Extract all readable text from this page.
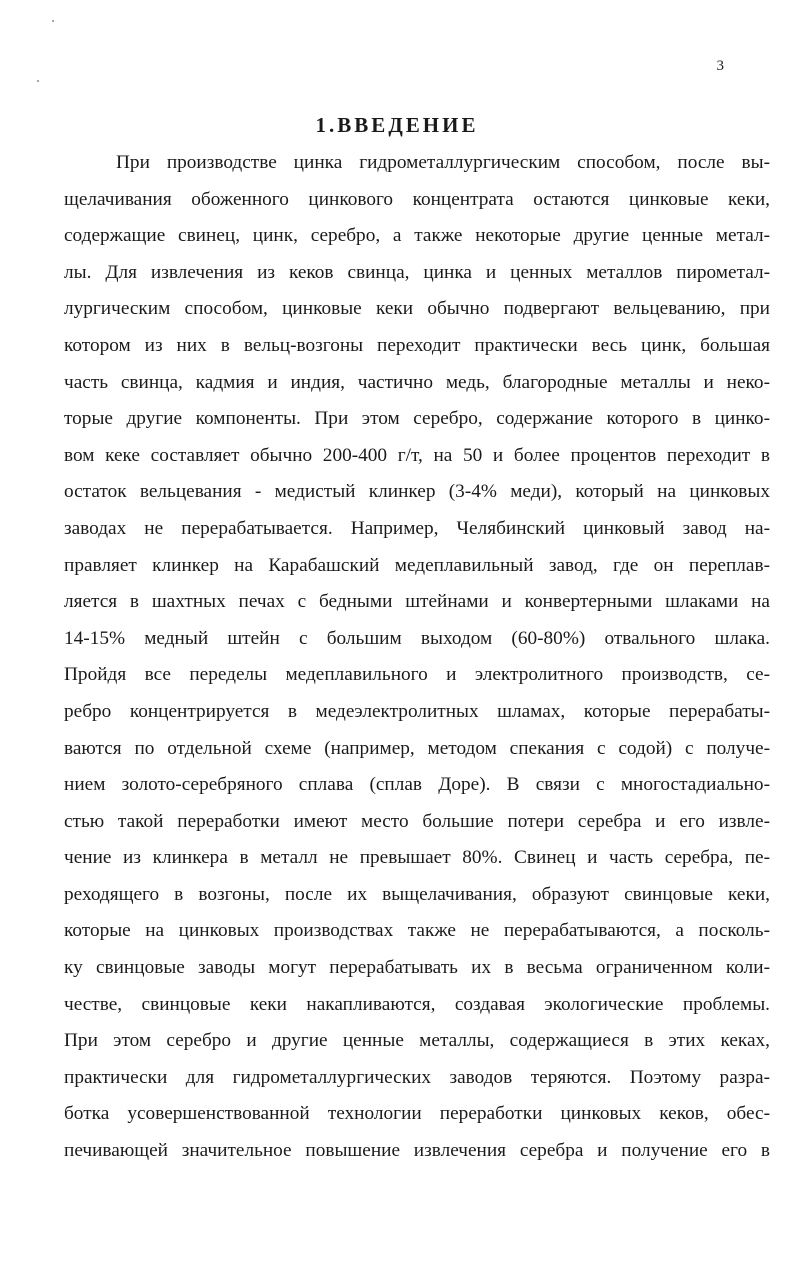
3
1.ВВЕДЕНИЕ
При производстве цинка гидрометаллургическим способом, после вы-
щелачивания обоженного цинкового концентрата остаются цинковые кеки,
содержащие свинец, цинк, серебро, а также некоторые другие ценные метал-
лы. Для извлечения из кеков свинца, цинка и ценных металлов пирометал-
лургическим способом, цинковые кеки обычно подвергают вельцеванию, при
котором из них в вельц-возгоны переходит практически весь цинк, большая
часть свинца, кадмия и индия, частично медь, благородные металлы и неко-
торые другие компоненты. При этом серебро, содержание которого в цинко-
вом кеке составляет обычно 200-400 г/т, на 50 и более процентов переходит в
остаток вельцевания - медистый клинкер (3-4% меди), который на цинковых
заводах не перерабатывается. Например, Челябинский цинковый завод на-
правляет клинкер на Карабашский медеплавильный завод, где он переплав-
ляется в шахтных печах с бедными штейнами и конвертерными шлаками на
14-15% медный штейн с большим выходом (60-80%) отвального шлака.
Пройдя все переделы медеплавильного и электролитного производств, се-
ребро концентрируется в медеэлектролитных шламах, которые перерабаты-
ваются по отдельной схеме (например, методом спекания с содой) с получе-
нием золото-серебряного сплава (сплав Доре). В связи с многостадиально-
стью такой переработки имеют место большие потери серебра и его извле-
чение из клинкера в металл не превышает 80%. Свинец и часть серебра, пе-
реходящего в возгоны, после их выщелачивания, образуют свинцовые кеки,
которые на цинковых производствах также не перерабатываются, а посколь-
ку свинцовые заводы могут перерабатывать их в весьма ограниченном коли-
честве, свинцовые кеки накапливаются, создавая экологические проблемы.
При этом серебро и другие ценные металлы, содержащиеся в этих кеках,
практически для гидрометаллургических заводов теряются. Поэтому разра-
ботка усовершенствованной технологии переработки цинковых кеков, обес-
печивающей значительное повышение извлечения серебра и получение его в
